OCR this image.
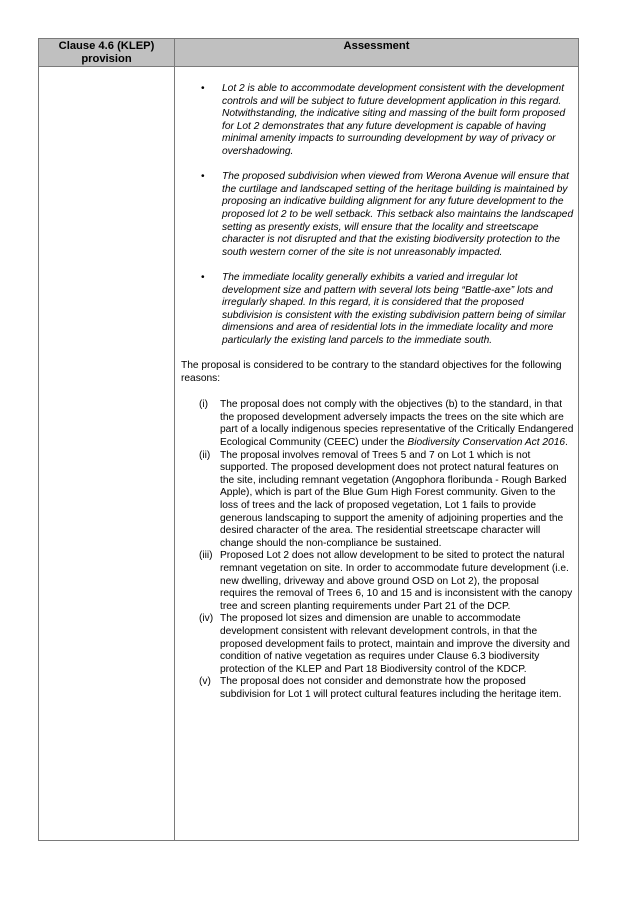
Clause 4.6 (KLEP)
provision
Assessment
• Lot 2 is able to accommodate development consistent with the development controls and will be subject to future development application in this regard. Notwithstanding, the indicative siting and massing of the built form proposed for Lot 2 demonstrates that any future development is capable of having minimal amenity impacts to surrounding development by way of privacy or overshadowing.
• The proposed subdivision when viewed from Werona Avenue will ensure that the curtilage and landscaped setting of the heritage building is maintained by proposing an indicative building alignment for any future development to the proposed lot 2 to be well setback. This setback also maintains the landscaped setting as presently exists, will ensure that the locality and streetscape character is not disrupted and that the existing biodiversity protection to the south western corner of the site is not unreasonably impacted.
• The immediate locality generally exhibits a varied and irregular lot development size and pattern with several lots being “Battle-axe” lots and irregularly shaped. In this regard, it is considered that the proposed subdivision is consistent with the existing subdivision pattern being of similar dimensions and area of residential lots in the immediate locality and more particularly the existing land parcels to the immediate south.

The proposal is considered to be contrary to the standard objectives for the following reasons:

(i) The proposal does not comply with the objectives (b) to the standard, in that the proposed development adversely impacts the trees on the site which are part of a locally indigenous species representative of the Critically Endangered Ecological Community (CEEC) under the Biodiversity Conservation Act 2016.
(ii) The proposal involves removal of Trees 5 and 7 on Lot 1 which is not supported. The proposed development does not protect natural features on the site, including remnant vegetation (Angophora floribunda - Rough Barked Apple), which is part of the Blue Gum High Forest community. Given to the loss of trees and the lack of proposed vegetation, Lot 1 fails to provide generous landscaping to support the amenity of adjoining properties and the desired character of the area. The residential streetscape character will change should the non-compliance be sustained.
(iii) Proposed Lot 2 does not allow development to be sited to protect the natural remnant vegetation on site. In order to accommodate future development (i.e. new dwelling, driveway and above ground OSD on Lot 2), the proposal requires the removal of Trees 6, 10 and 15 and is inconsistent with the canopy tree and screen planting requirements under Part 21 of the DCP.
(iv) The proposed lot sizes and dimension are unable to accommodate development consistent with relevant development controls, in that the proposed development fails to protect, maintain and improve the diversity and condition of native vegetation as requires under Clause 6.3 biodiversity protection of the KLEP and Part 18 Biodiversity control of the KDCP.
(v) The proposal does not consider and demonstrate how the proposed subdivision for Lot 1 will protect cultural features including the heritage item.
